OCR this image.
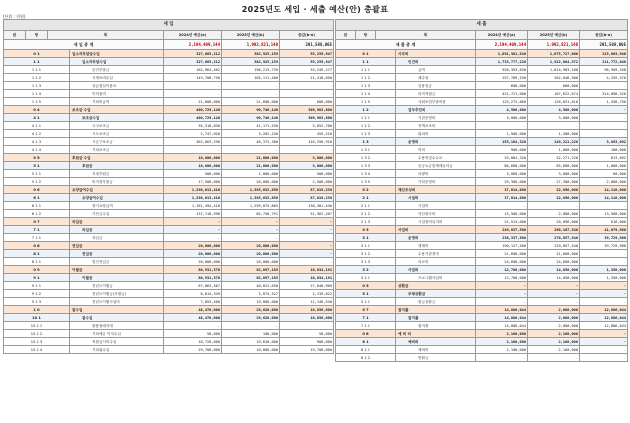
2025년도 세입 · 세출 예산(안) 총괄표
(단위 : 천원)
세 입						
관	항	목		2024년 예산(a)	2025년 예산(b)	증감(b-a)
세 입 총 계				2,194,409,144	1,992,821,140	201,588,005
0 1			입소자부담금수입	327,665,212	382,925,159	55,259,947
1 1			입소자부담수입	327,665,212	382,925,159	55,259,947
1 1 1			본인부담금	162,964,462	196,213,739	33,249,277
1 1 2			식재료비수입	143,700,750	165,111,400	21,410,650
1 1 3			상급침실이용료	-	-	-
1 1 4			이미용비	-	-	-
1 1 5			기타비급여	21,000,000	21,600,000	600,000
0 4			보조금 수입	400,729,140	90,746,140	309,983,000
4 1			보조금수입	400,729,140	90,746,140	309,983,000
4 1 1			국고보조금	35,318,830	41,171,530	5,852,700
4 1 2			시도보조금	2,747,020	3,202,230	455,210
4 1 3			시군구보조금	362,663,290	46,372,380	316,290,910
4 1 4			기타보조금	-	-	-
0 5			후원금 수입	18,000,000	21,000,000	3,000,000
5 1			후원금	18,000,000	21,000,000	3,000,000
5 1 1			지정후원금	500,000	1,000,000	500,000
5 1 2			비지정후원금	17,500,000	20,000,000	2,500,000
0 6			요양급여수입	1,298,613,416	1,385,632,656	87,019,239
6 1			요양급여수입	1,298,613,416	1,385,632,656	87,019,239
6 1 1			장기요양급여	1,161,494,418	1,299,875,865	138,381,446
6 1 2			가산금수입	137,118,998	85,756,791	51,362,207
0 7			차입금	-	-	-
7 1			차입금	-	-	-
7 1 1			차입금	-	-	-
0 8			전입금	20,000,000	20,000,000	-
8 1			전입금	20,000,000	20,000,000	-
8 1 1			법인전입금	20,000,000	20,000,000	-
0 9			이월금	80,931,376	62,897,185	18,034,191
9 1			이월금	80,931,376	62,897,185	18,034,191
9 1 1			전년도이월금	67,063,567	40,022,658	27,040,909
9 1 2			전년도이월금(후원금)	6,014,349	3,874,527	2,139,822
9 1 3			전년도이월사업비	7,853,460	19,000,000	11,146,540
1 0			잡수입	48,470,000	29,620,000	18,850,000
10 1			잡수입	48,470,000	29,620,000	18,850,000
10 1 1			불용품매각대	-	-	-
10 1 2			기타예금 이자수입	50,000	100,000	50,000
10 1 3			직원급식비수입	18,720,000	19,620,000	900,000
10 1 4			기타잡수입	29,700,000	10,000,000	19,700,000
세 출						
관	항	목		2024년 예산(a)	2025년 예산(b)	증감(b-a)
세 출 총 계				2,194,409,144	1,992,821,140	201,588,005
0 1			사무비	1,891,381,540	1,675,717,600	215,663,940
1 1			인건비	1,733,777,220	1,522,004,372	211,772,848
1 1 1			급여	928,393,830	1,024,903,188	96,509,358
1 1 2			제수당	257,789,530	262,048,900	4,259,370
1 1 3			일용임금	600,000	600,000	-
1 1 4			퇴직적립금	421,721,000	107,622,674	314,098,326
1 1 5			사회보험부담비용	125,272,860	126,831,610	1,558,750
1 2			업무추진비	4,500,000	4,500,000	-
1 2 1			기관운영비	3,000,000	3,000,000	-
1 2 2			직책보조비	-	-	-
1 2 3			회의비	1,500,000	1,500,000	-
1 3			운영비	153,104,320	149,211,228	3,893,092
1 3 1			여비	900,000	1,000,000	100,000
1 3 2			수용비및수수료	33,084,320	32,271,228	813,092
1 3 3			공공요금및제세공과금	86,680,000	85,680,000	1,000,000
1 3 4			차량비	3,060,000	3,000,000	60,000
1 3 5			기타운영비	29,380,000	27,300,000	2,080,000
0 2			재산조성비	37,014,000	22,896,000	14,118,000
2 1			시설비	37,014,000	22,896,000	14,118,000
2 1 1			시설비	-	-	-
2 1 2			자산취득비	15,500,000	2,000,000	13,500,000
2 1 3			시설장비유지비	21,514,000	20,896,000	618,000
0 3			사업비	249,037,560	290,107,540	41,079,980
3 1			운영비	236,337,560	276,057,540	39,729,980
3 1 1			생계비	190,127,560	229,857,540	39,729,980
3 1 2			수용기관경비	21,600,000	21,600,000	-
3 1 3			의료비	24,600,000	24,600,000	-
3 2			사업비	12,700,000	14,050,000	1,350,000
3 2 1			프로그램사업비	12,700,000	14,050,000	1,350,000
0 5			상환금	-	-	-
5 1			부채상환금	-	-	-
5 1 1			원금상환금	-	-	-
0 7			잡지출	14,886,044	2,000,000	12,886,044
7 1			잡지출	14,886,044	2,000,000	12,886,044
7 1 1			잡지출	14,886,044	2,000,000	12,886,044
0 8			예 비 비	2,100,000	2,100,000	-
8 1			예비비	2,100,000	2,100,000	-
8 1 1			예비비	2,100,000	2,100,000	-
8 1 2			반환금	-	-	-
